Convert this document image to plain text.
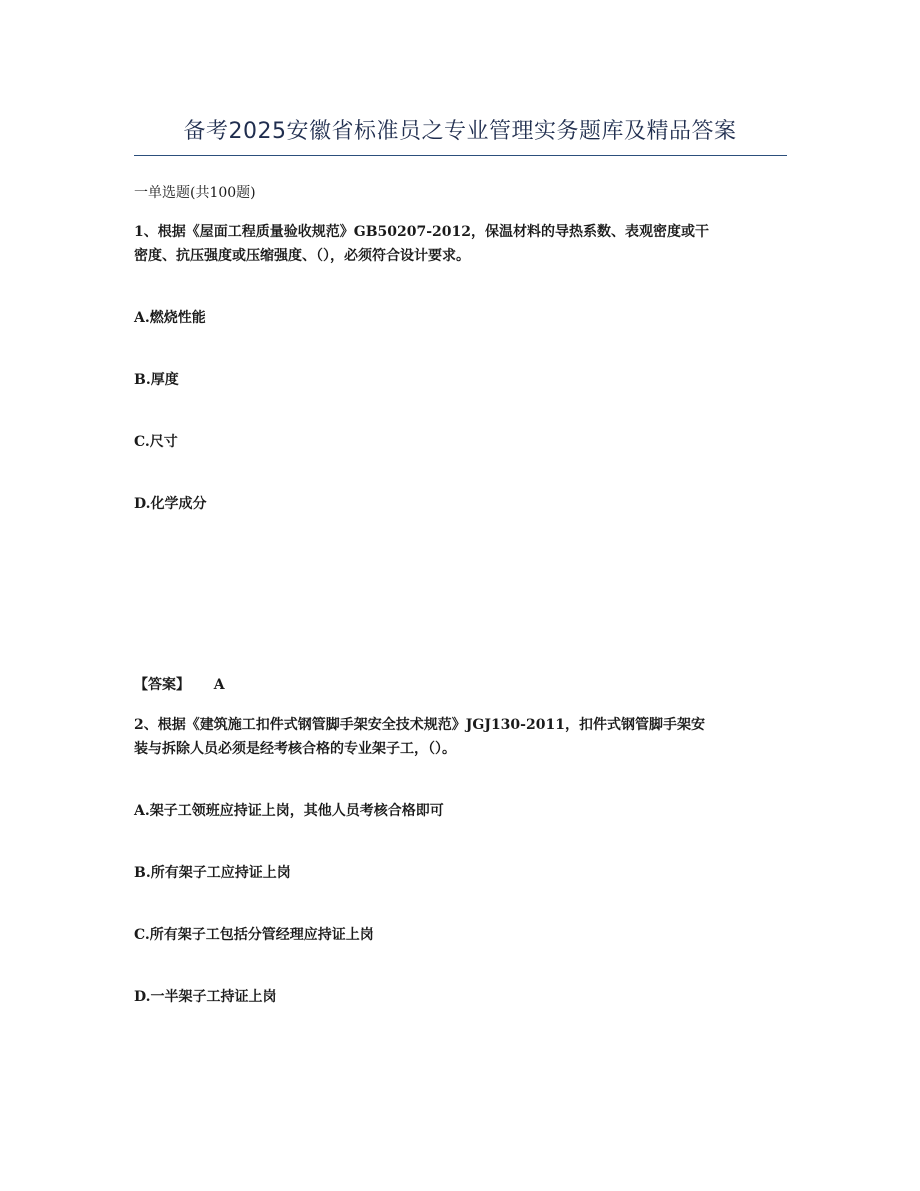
备考2025安徽省标准员之专业管理实务题库及精品答案
一单选题(共100题)
1、根据《屋面工程质量验收规范》GB50207-2012，保温材料的导热系数、表观密度或干
密度、抗压强度或压缩强度、（），必须符合设计要求。
A.燃烧性能
B.厚度
C.尺寸
D.化学成分
【答案】 A
2、根据《建筑施工扣件式钢管脚手架安全技术规范》JGJ130-2011，扣件式钢管脚手架安
装与拆除人员必须是经考核合格的专业架子工，（）。
A.架子工领班应持证上岗，其他人员考核合格即可
B.所有架子工应持证上岗
C.所有架子工包括分管经理应持证上岗
D.一半架子工持证上岗
